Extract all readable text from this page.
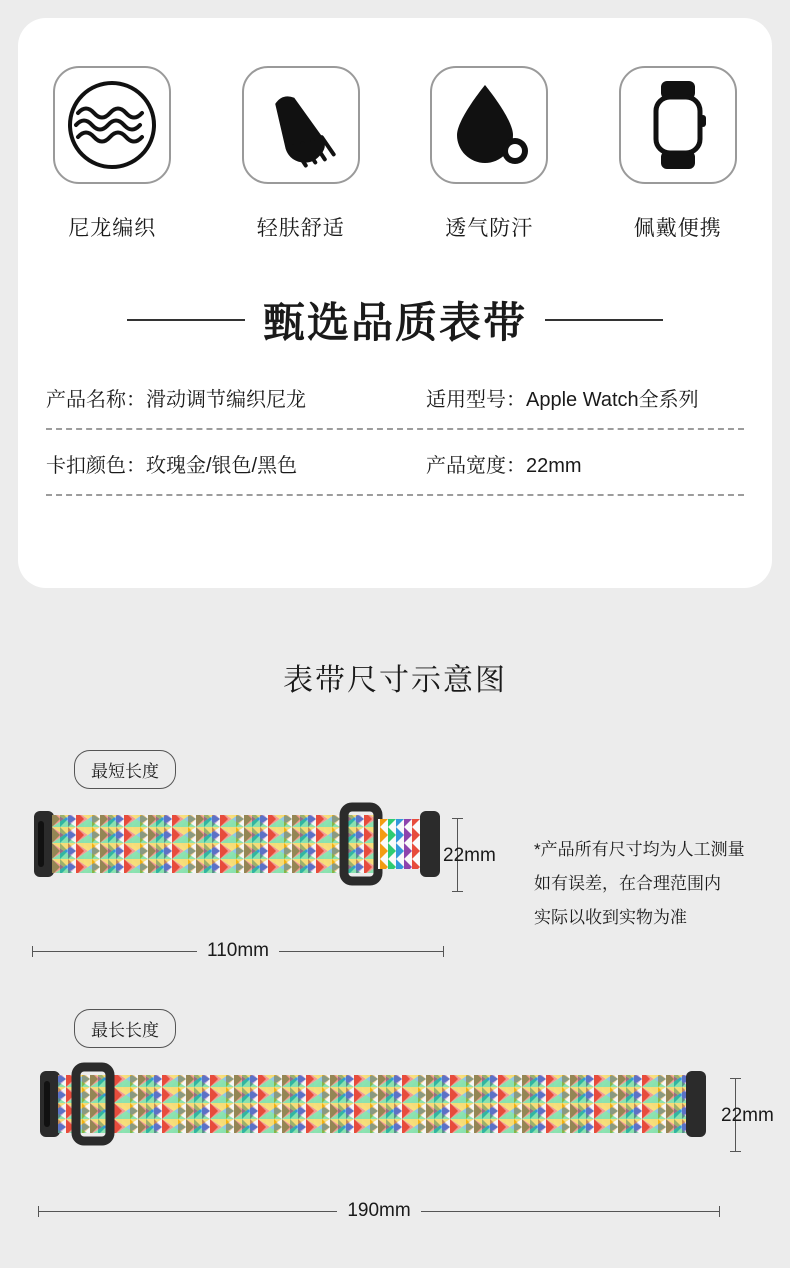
尼龙编织	轻肤舒适	透气防汗	佩戴便携
甄选品质表带
产品名称：滑动调节编织尼龙	适用型号：Apple Watch全系列
卡扣颜色：玫瑰金/银色/黑色	产品宽度：22mm
表带尺寸示意图
最短长度
22mm
110mm
*产品所有尺寸均为人工测量
如有误差，在合理范围内
实际以收到实物为准
最长长度
22mm
190mm
